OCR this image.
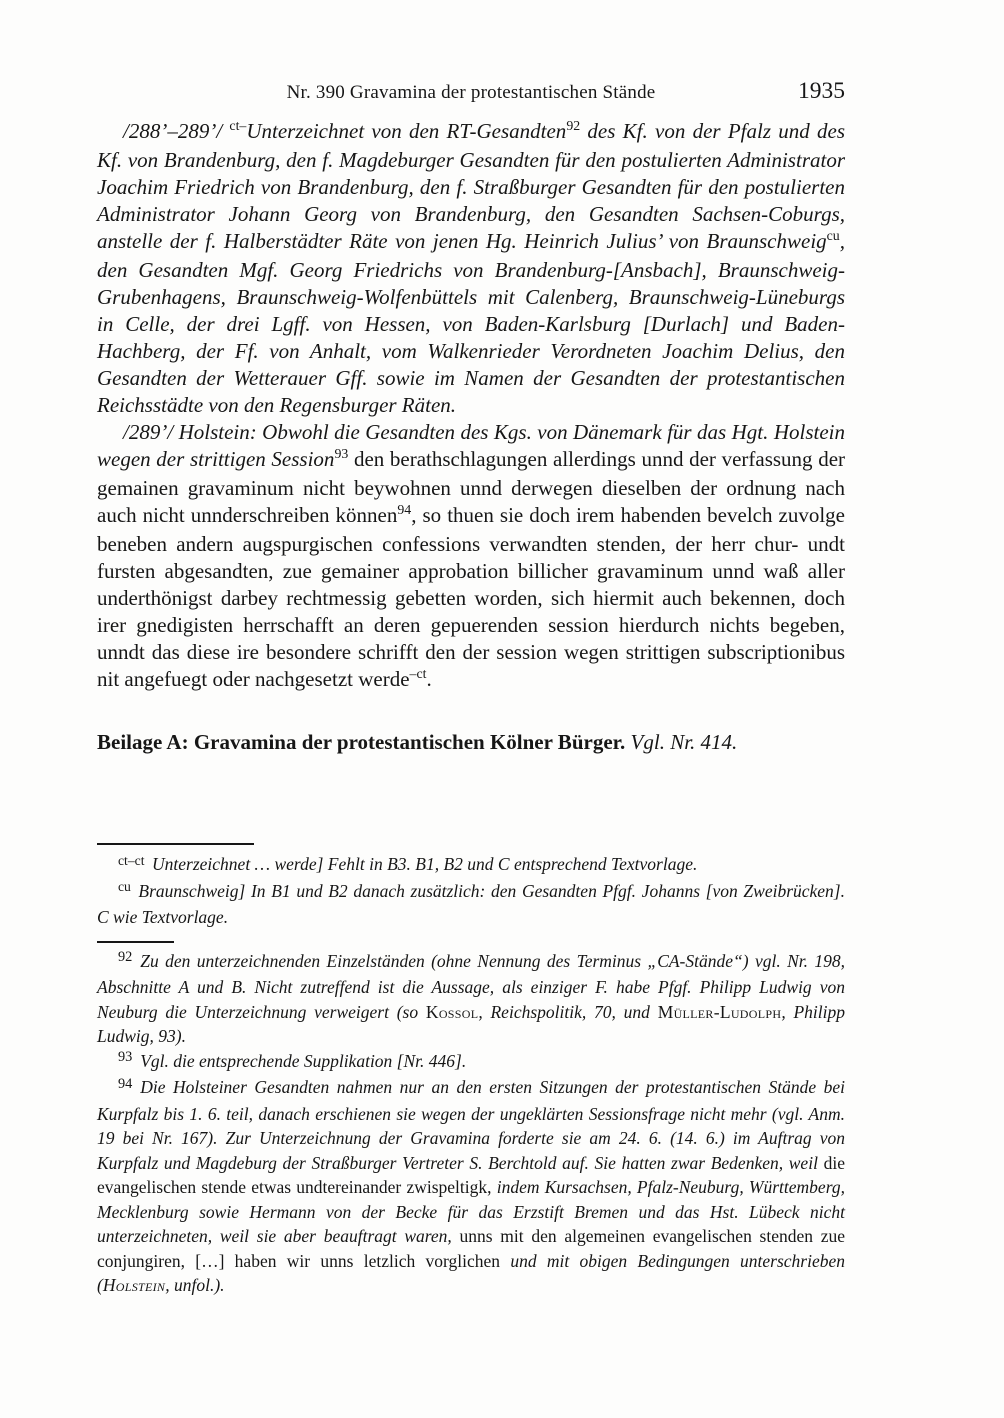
Nr. 390 Gravamina der protestantischen Stände	1935

/288’–289’/ $^{ct-}$Unterzeichnet von den RT-Gesandten$^{92}$ des Kf. von der Pfalz und des Kf. von Brandenburg, den f. Magdeburger Gesandten für den postulierten Administrator Joachim Friedrich von Brandenburg, den f. Straßburger Gesandten für den postulierten Administrator Johann Georg von Brandenburg, den Gesandten Sachsen-Coburgs, anstelle der f. Halberstädter Räte von jenen Hg. Heinrich Julius’ von Braunschweig$^{cu}$, den Gesandten Mgf. Georg Friedrichs von Brandenburg-[Ansbach], Braunschweig-Grubenhagens, Braunschweig-Wolfenbüttels mit Calenberg, Braunschweig-Lüneburgs in Celle, der drei Lgff. von Hessen, von Baden-Karlsburg [Durlach] und Baden-Hachberg, der Ff. von Anhalt, vom Walkenrieder Verordneten Joachim Delius, den Gesandten der Wetterauer Gff. sowie im Namen der Gesandten der protestantischen Reichsstädte von den Regensburger Räten.

/289’/ Holstein: Obwohl die Gesandten des Kgs. von Dänemark für das Hgt. Holstein wegen der strittigen Session$^{93}$ den berathschlagungen allerdings unnd der verfassung der gemainen gravaminum nicht beywohnen unnd derwegen dieselben der ordnung nach auch nicht unnderschreiben können$^{94}$, so thuen sie doch irem habenden bevelch zuvolge beneben andern augspurgischen confessions verwandten stenden, der herr chur- undt fursten abgesandten, zue gemainer approbation billicher gravaminum unnd waß aller underthönigst darbey rechtmessig gebetten worden, sich hiermit auch bekennen, doch irer gnedigisten herrschafft an deren gepuerenden session hierdurch nichts begeben, unndt das diese ire besondere schrifft den der session wegen strittigen subscriptionibus nit angefuegt oder nachgesetzt werde$^{-ct}$.

Beilage A: Gravamina der protestantischen Kölner Bürger. Vgl. Nr. 414.

ct–ct Unterzeichnet … werde] Fehlt in B3. B1, B2 und C entsprechend Textvorlage.

cu Braunschweig] In B1 und B2 danach zusätzlich: den Gesandten Pfgf. Johanns [von Zweibrücken]. C wie Textvorlage.

92 Zu den unterzeichnenden Einzelständen (ohne Nennung des Terminus „CA-Stände“) vgl. Nr. 198, Abschnitte A und B. Nicht zutreffend ist die Aussage, als einziger F. habe Pfgf. Philipp Ludwig von Neuburg die Unterzeichnung verweigert (so Kossol, Reichspolitik, 70, und Müller-Ludolph, Philipp Ludwig, 93).

93 Vgl. die entsprechende Supplikation [Nr. 446].

94 Die Holsteiner Gesandten nahmen nur an den ersten Sitzungen der protestantischen Stände bei Kurpfalz bis 1. 6. teil, danach erschienen sie wegen der ungeklärten Sessionsfrage nicht mehr (vgl. Anm. 19 bei Nr. 167). Zur Unterzeichnung der Gravamina forderte sie am 24. 6. (14. 6.) im Auftrag von Kurpfalz und Magdeburg der Straßburger Vertreter S. Berchtold auf. Sie hatten zwar Bedenken, weil die evangelischen stende etwas undtereinander zwispeltigk, indem Kursachsen, Pfalz-Neuburg, Württemberg, Mecklenburg sowie Hermann von der Becke für das Erzstift Bremen und das Hst. Lübeck nicht unterzeichneten, weil sie aber beauftragt waren, unns mit den algemeinen evangelischen stenden zue conjungiren, […] haben wir unns letzlich vorglichen und mit obigen Bedingungen unterschrieben (Holstein, unfol.).
